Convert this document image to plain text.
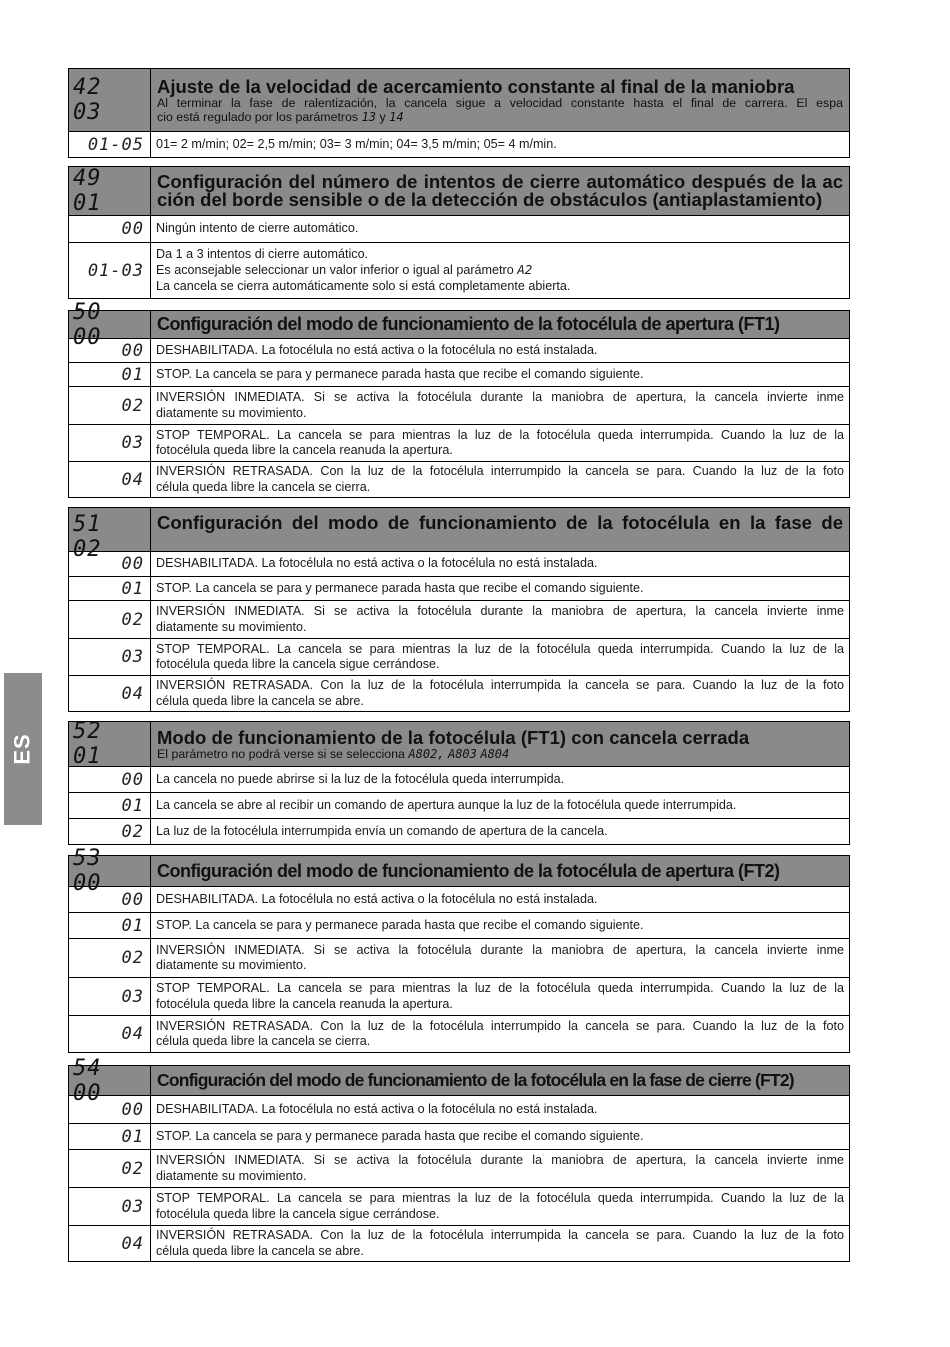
ES
42 03
Ajuste de la velocidad de acercamiento constante al final de la maniobra
Al terminar la fase de ralentización, la cancela sigue a velocidad constante hasta el final de carrera. El espa
cio está regulado por los parámetros 13 y 14
01-05 01= 2 m/min; 02= 2,5 m/min; 03= 3 m/min; 04= 3,5 m/min; 05= 4 m/min.
49 01
Configuración del número de intentos de cierre automático después de la ac
ción del borde sensible o de la detección de obstáculos (antiaplastamiento)
00 Ningún intento de cierre automático.
01-03
Da 1 a 3 intentos di cierre automático.
Es aconsejable seleccionar un valor inferior o igual al parámetro A2
La cancela se cierra automáticamente solo si está completamente abierta.
50 00
Configuración del modo de funcionamiento de la fotocélula de apertura (FT1)
00 DESHABILITADA. La fotocélula no está activa o la fotocélula no está instalada.
01 STOP. La cancela se para y permanece parada hasta que recibe el comando siguiente.
02 INVERSIÓN INMEDIATA. Si se activa la fotocélula durante la maniobra de apertura, la cancela invierte inme
diatamente su movimiento.
03 STOP TEMPORAL. La cancela se para mientras la luz de la fotocélula queda interrumpida. Cuando la luz de la
fotocélula queda libre la cancela reanuda la apertura.
04 INVERSIÓN RETRASADA. Con la luz de la fotocélula interrumpido la cancela se para. Cuando la luz de la foto
célula queda libre la cancela se cierra.
51 02
Configuración del modo de funcionamiento de la fotocélula en la fase de
00 DESHABILITADA. La fotocélula no está activa o la fotocélula no está instalada.
01 STOP. La cancela se para y permanece parada hasta que recibe el comando siguiente.
02 INVERSIÓN INMEDIATA. Si se activa la fotocélula durante la maniobra de apertura, la cancela invierte inme
diatamente su movimiento.
03 STOP TEMPORAL. La cancela se para mientras la luz de la fotocélula queda interrumpida. Cuando la luz de la
fotocélula queda libre la cancela sigue cerrándose.
04 INVERSIÓN RETRASADA. Con la luz de la fotocélula interrumpida la cancela se para. Cuando la luz de la foto
célula queda libre la cancela se abre.
52 01
Modo de funcionamiento de la fotocélula (FT1) con cancela cerrada
El parámetro no podrá verse si se selecciona A802, A803 A804
00 La cancela no puede abrirse si la luz de la fotocélula queda interrumpida.
01 La cancela se abre al recibir un comando de apertura aunque la luz de la fotocélula quede interrumpida.
02 La luz de la fotocélula interrumpida envía un comando de apertura de la cancela.
53 00
Configuración del modo de funcionamiento de la fotocélula de apertura (FT2)
00 DESHABILITADA. La fotocélula no está activa o la fotocélula no está instalada.
01 STOP. La cancela se para y permanece parada hasta que recibe el comando siguiente.
02 INVERSIÓN INMEDIATA. Si se activa la fotocélula durante la maniobra de apertura, la cancela invierte inme
diatamente su movimiento.
03 STOP TEMPORAL. La cancela se para mientras la luz de la fotocélula queda interrumpida. Cuando la luz de la
fotocélula queda libre la cancela reanuda la apertura.
04 INVERSIÓN RETRASADA. Con la luz de la fotocélula interrumpido la cancela se para. Cuando la luz de la foto
célula queda libre la cancela se cierra.
54 00
Configuración del modo de funcionamiento de la fotocélula en la fase de cierre (FT2)
00 DESHABILITADA. La fotocélula no está activa o la fotocélula no está instalada.
01 STOP. La cancela se para y permanece parada hasta que recibe el comando siguiente.
02 INVERSIÓN INMEDIATA. Si se activa la fotocélula durante la maniobra de apertura, la cancela invierte inme
diatamente su movimiento.
03 STOP TEMPORAL. La cancela se para mientras la luz de la fotocélula queda interrumpida. Cuando la luz de la
fotocélula queda libre la cancela sigue cerrándose.
04 INVERSIÓN RETRASADA. Con la luz de la fotocélula interrumpida la cancela se para. Cuando la luz de la foto
célula queda libre la cancela se abre.
